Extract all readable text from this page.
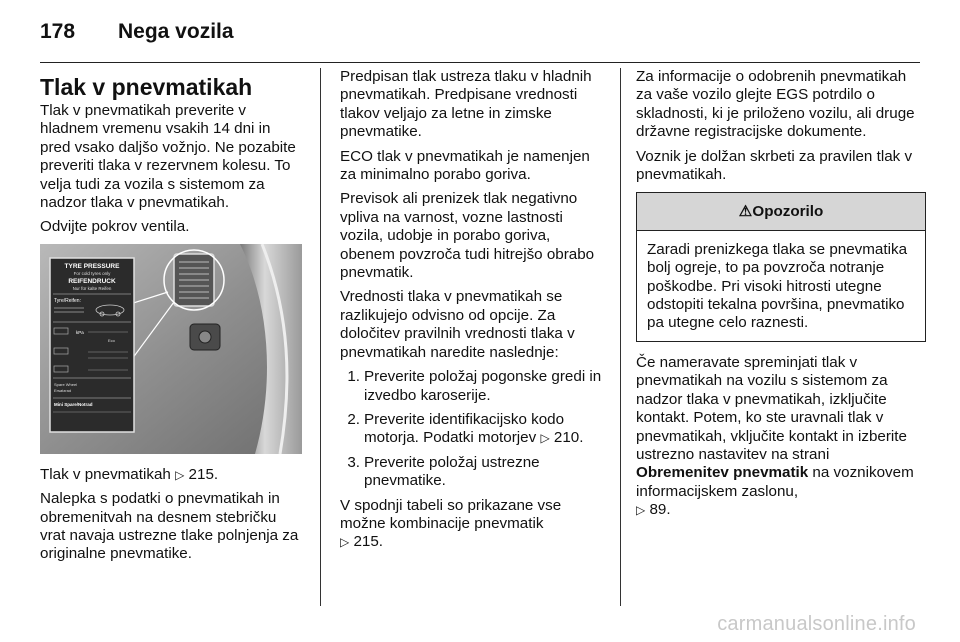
178 Nega vozila
Tlak v pnevmatikah

Tlak v pnevmatikah preverite v hladnem vremenu vsakih 14 dni in pred vsako daljšo vožnjo. Ne pozabite preveriti tlaka v rezervnem kolesu. To velja tudi za vozila s sistemom za nadzor tlaka v pnevmatikah.

Odvijte pokrov ventila.

TYRE PRESSURE
For cold tyres only
REIFENDRUCK
Nur für kalte Reifen
Tyre/Reifen:
kPa
Eco
Spare Wheel
Ersatzrad
Mini Spare/Notrad

Tlak v pnevmatikah ▷ 215.

Nalepka s podatki o pnevmatikah in obremenitvah na desnem stebričku vrat navaja ustrezne tlake polnjenja za originalne pnevmatike.

Predpisan tlak ustreza tlaku v hladnih pnevmatikah. Predpisane vrednosti tlakov veljajo za letne in zimske pnevmatike.

ECO tlak v pnevmatikah je namenjen za minimalno porabo goriva.

Previsok ali prenizek tlak negativno vpliva na varnost, vozne lastnosti vozila, udobje in porabo goriva, obenem povzroča tudi hitrejšo obrabo pnevmatik.

Vrednosti tlaka v pnevmatikah se razlikujejo odvisno od opcije. Za določitev pravilnih vrednosti tlaka v pnevmatikah naredite naslednje:

1. Preverite položaj pogonske gredi in izvedbo karoserije.
2. Preverite identifikacijsko kodo motorja. Podatki motorjev ▷ 210.
3. Preverite položaj ustrezne pnevmatike.

V spodnji tabeli so prikazane vse možne kombinacije pnevmatik
▷ 215.

Za informacije o odobrenih pnevmatikah za vaše vozilo glejte EGS potrdilo o skladnosti, ki je priloženo vozilu, ali druge državne registracijske dokumente.

Voznik je dolžan skrbeti za pravilen tlak v pnevmatikah.

⚠Opozorilo
Zaradi prenizkega tlaka se pnevmatika bolj ogreje, to pa povzroča notranje poškodbe. Pri visoki hitrosti utegne odstopiti tekalna površina, pnevmatiko pa utegne celo raznesti.

Če nameravate spreminjati tlak v pnevmatikah na vozilu s sistemom za nadzor tlaka v pnevmatikah, izključite kontakt. Potem, ko ste uravnali tlak v pnevmatikah, vključite kontakt in izberite ustrezno nastavitev na strani Obremenitev pnevmatik na voznikovem informacijskem zaslonu,
▷ 89.

carmanualsonline.info
